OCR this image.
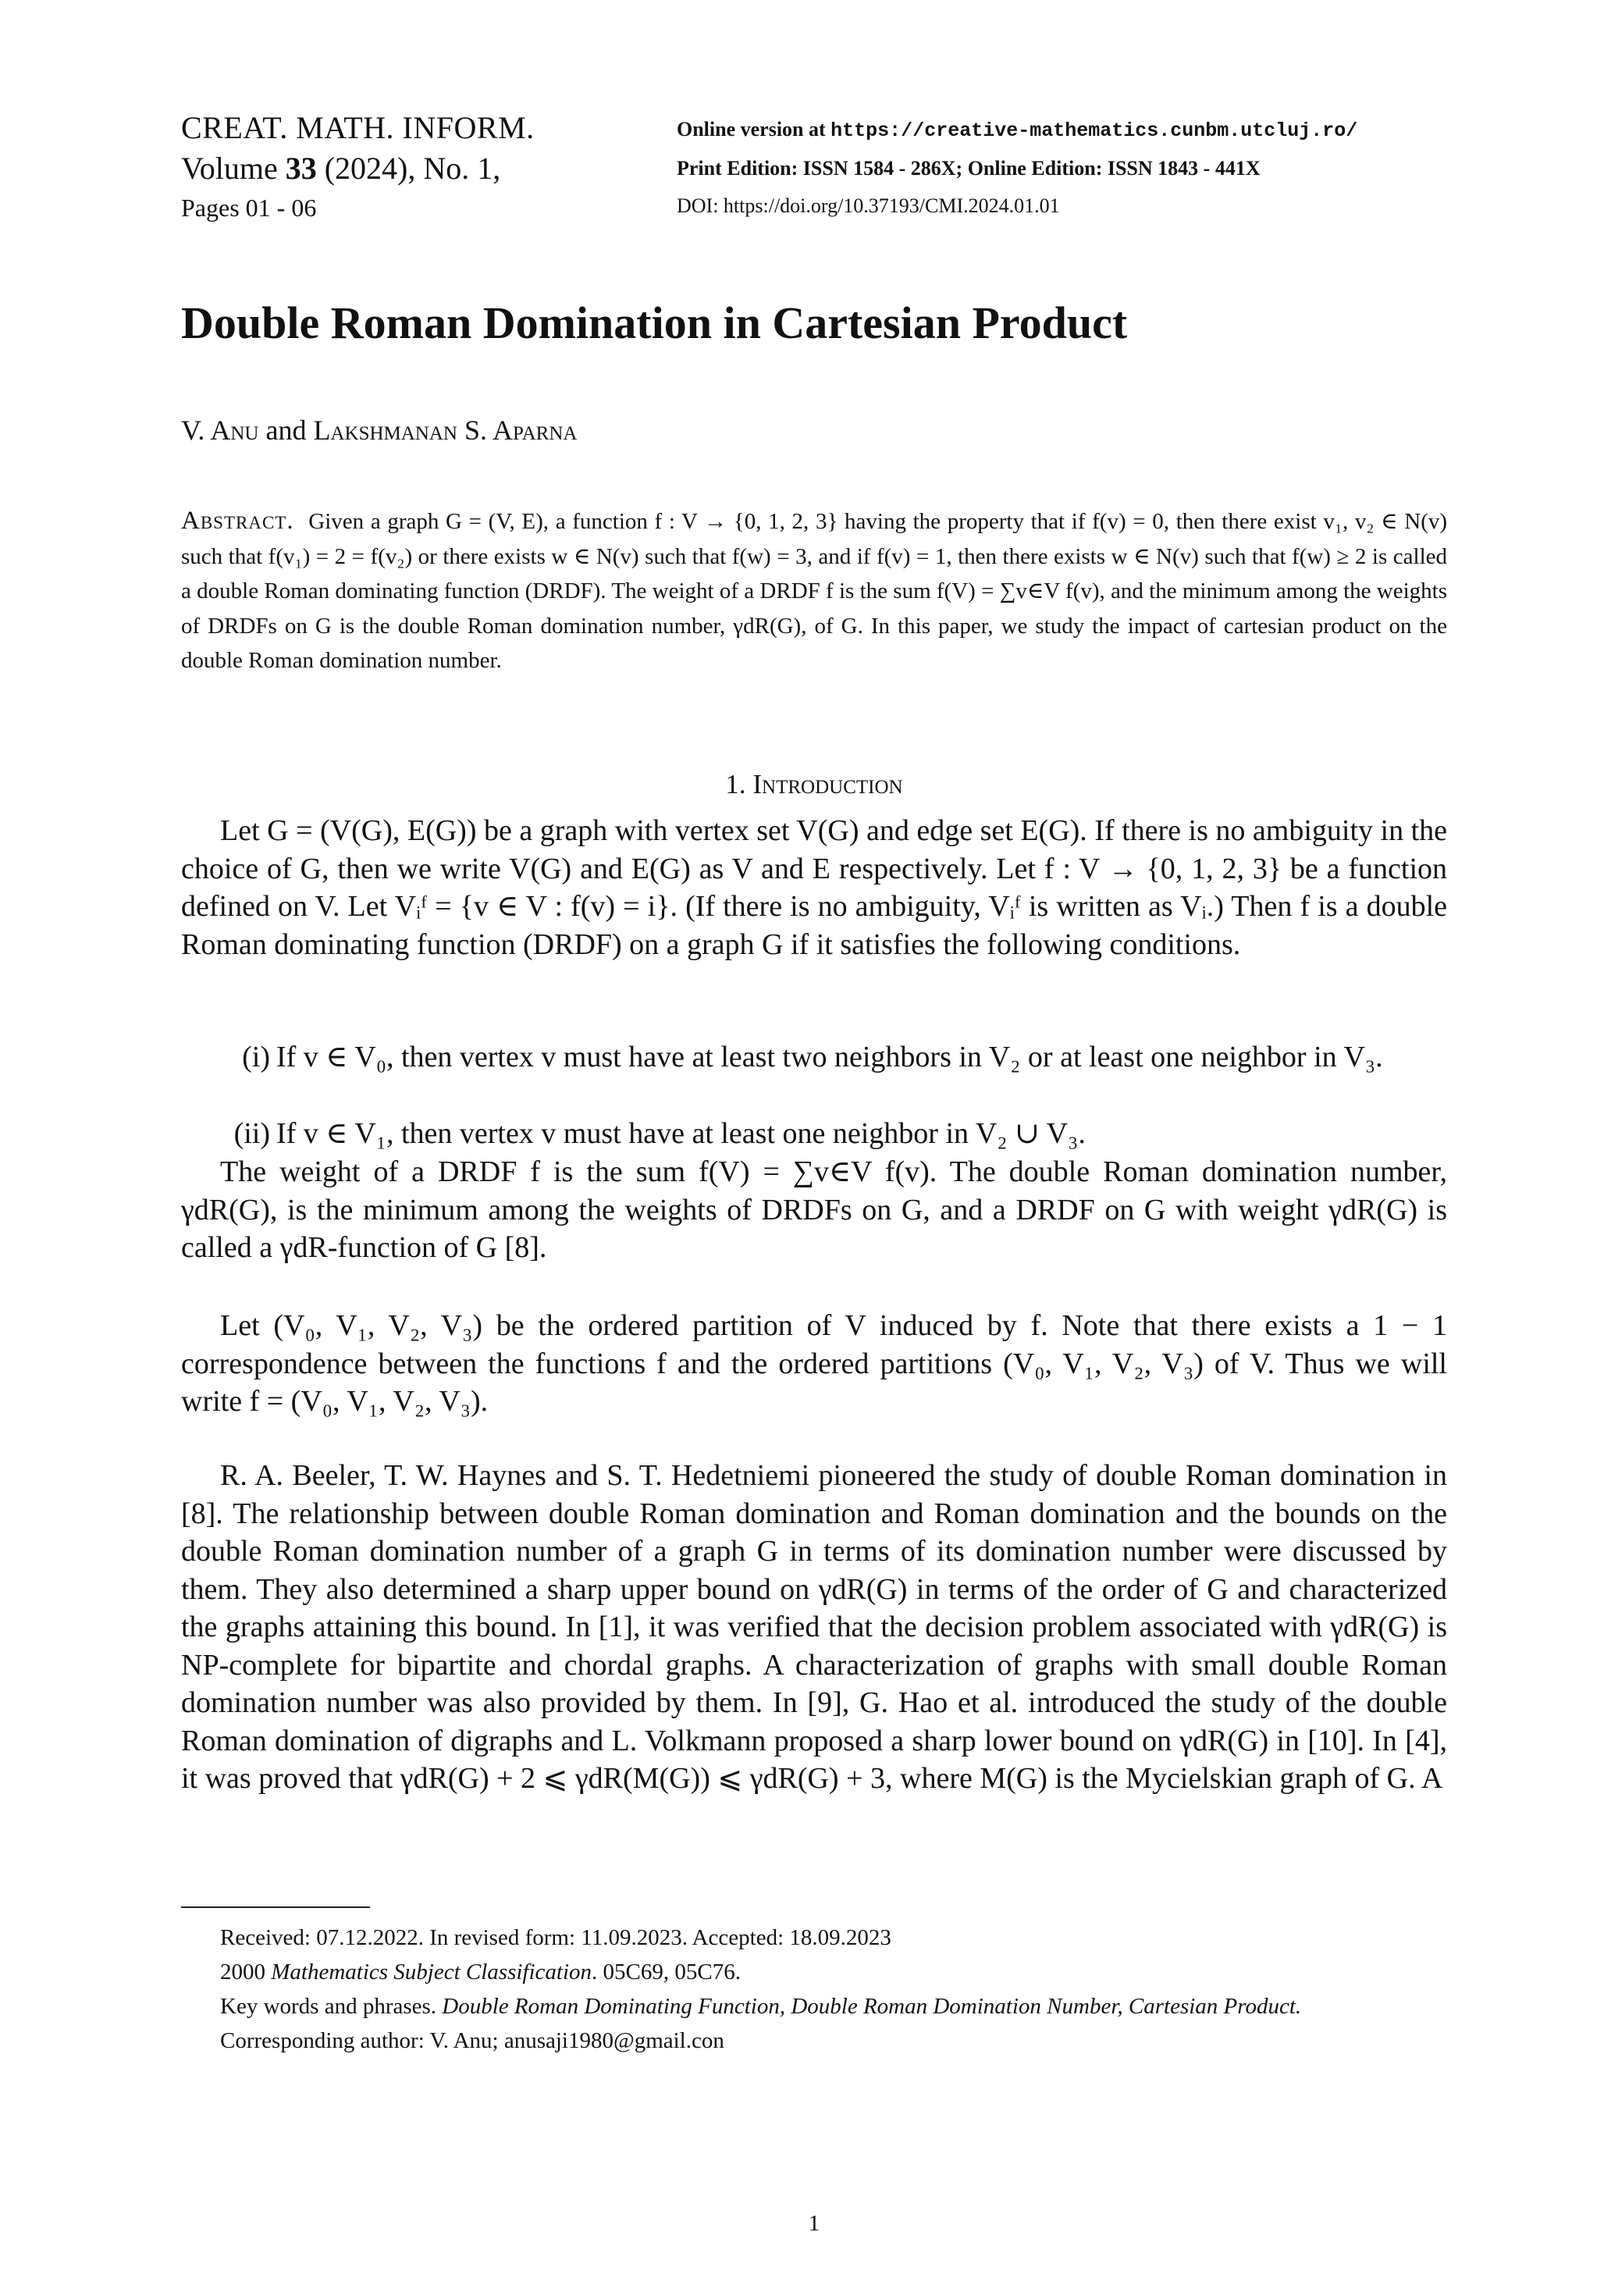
CREAT. MATH. INFORM.
Volume 33 (2024), No. 1,
Pages 01 - 06
Online version at https://creative-mathematics.cunbm.utcluj.ro/
Print Edition: ISSN 1584 - 286X; Online Edition: ISSN 1843 - 441X
DOI: https://doi.org/10.37193/CMI.2024.01.01
Double Roman Domination in Cartesian Product
V. Anu and Lakshmanan S. Aparna
Abstract. Given a graph G = (V, E), a function f : V → {0, 1, 2, 3} having the property that if f(v) = 0, then there exist v₁, v₂ ∈ N(v) such that f(v₁) = 2 = f(v₂) or there exists w ∈ N(v) such that f(w) = 3, and if f(v) = 1, then there exists w ∈ N(v) such that f(w) ≥ 2 is called a double Roman dominating function (DRDF). The weight of a DRDF f is the sum f(V) = ∑v∈V f(v), and the minimum among the weights of DRDFs on G is the double Roman domination number, γdR(G), of G. In this paper, we study the impact of cartesian product on the double Roman domination number.
1. Introduction
Let G = (V(G), E(G)) be a graph with vertex set V(G) and edge set E(G). If there is no ambiguity in the choice of G, then we write V(G) and E(G) as V and E respectively. Let f : V → {0, 1, 2, 3} be a function defined on V. Let Vᵢᶠ = {v ∈ V : f(v) = i}. (If there is no ambiguity, Vᵢᶠ is written as Vᵢ.) Then f is a double Roman dominating function (DRDF) on a graph G if it satisfies the following conditions.
(i) If v ∈ V₀, then vertex v must have at least two neighbors in V₂ or at least one neighbor in V₃.
(ii) If v ∈ V₁, then vertex v must have at least one neighbor in V₂ ∪ V₃.
The weight of a DRDF f is the sum f(V) = ∑v∈V f(v). The double Roman domination number, γdR(G), is the minimum among the weights of DRDFs on G, and a DRDF on G with weight γdR(G) is called a γdR-function of G [8].
Let (V₀, V₁, V₂, V₃) be the ordered partition of V induced by f. Note that there exists a 1 − 1 correspondence between the functions f and the ordered partitions (V₀, V₁, V₂, V₃) of V. Thus we will write f = (V₀, V₁, V₂, V₃).
R. A. Beeler, T. W. Haynes and S. T. Hedetniemi pioneered the study of double Roman domination in [8]. The relationship between double Roman domination and Roman domination and the bounds on the double Roman domination number of a graph G in terms of its domination number were discussed by them. They also determined a sharp upper bound on γdR(G) in terms of the order of G and characterized the graphs attaining this bound. In [1], it was verified that the decision problem associated with γdR(G) is NP-complete for bipartite and chordal graphs. A characterization of graphs with small double Roman domination number was also provided by them. In [9], G. Hao et al. introduced the study of the double Roman domination of digraphs and L. Volkmann proposed a sharp lower bound on γdR(G) in [10]. In [4], it was proved that γdR(G) + 2 ⩽ γdR(M(G)) ⩽ γdR(G) + 3, where M(G) is the Mycielskian graph of G. A
Received: 07.12.2022. In revised form: 11.09.2023. Accepted: 18.09.2023
2000 Mathematics Subject Classification. 05C69, 05C76.
Key words and phrases. Double Roman Dominating Function, Double Roman Domination Number, Cartesian Product.
Corresponding author: V. Anu; anusaji1980@gmail.con
1
